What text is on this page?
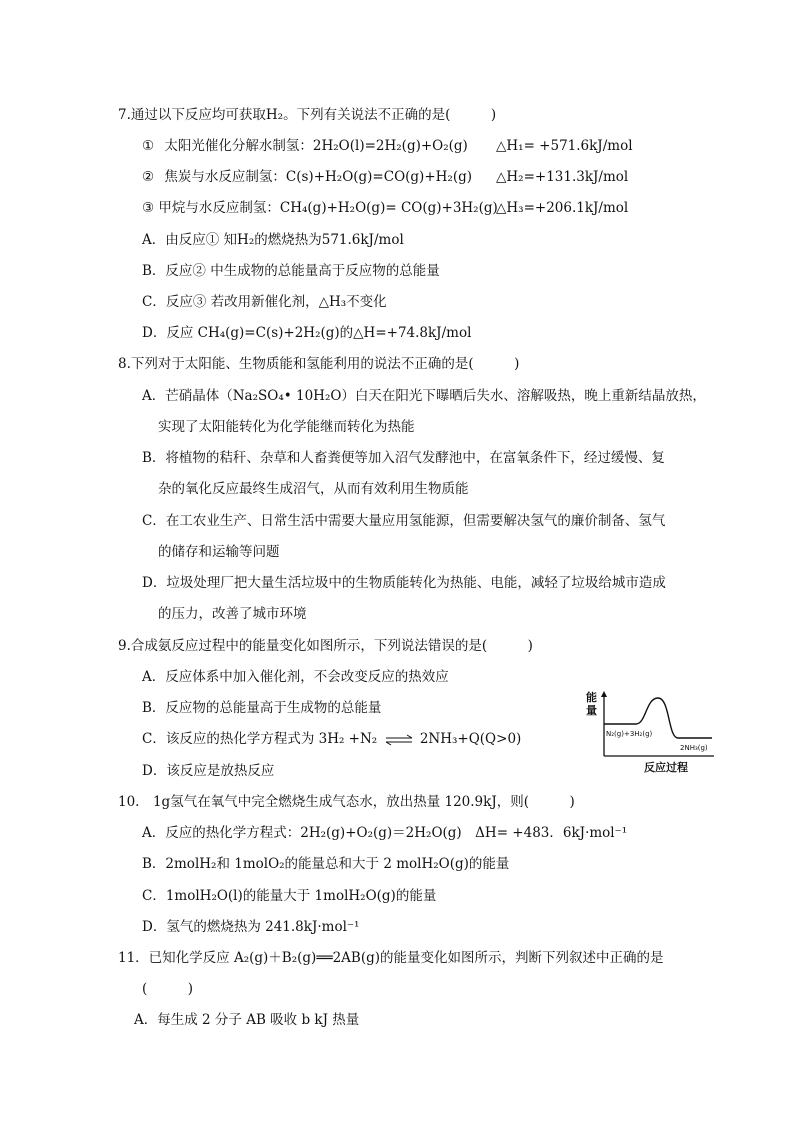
7.通过以下反应均可获取H₂。下列有关说法不正确的是(　　　)
① 太阳光催化分解水制氢：2H₂O(l)=2H₂(g)+O₂(g) △H₁= +571.6kJ/mol
② 焦炭与水反应制氢：C(s)+H₂O(g)=CO(g)+H₂(g) △H₂=+131.3kJ/mol
③ 甲烷与水反应制氢：CH₄(g)+H₂O(g)= CO(g)+3H₂(g)
△H₃=+206.1kJ/mol
A．由反应① 知H₂的燃烧热为571.6kJ/mol
B．反应② 中生成物的总能量高于反应物的总能量
C．反应③ 若改用新催化剂，△H₃不变化
D．反应 CH₄(g)=C(s)+2H₂(g)的△H=+74.8kJ/mol
8.下列对于太阳能、生物质能和氢能利用的说法不正确的是(　　　)
A．芒硝晶体（Na₂SO₄• 10H₂O）白天在阳光下曝晒后失水、溶解吸热，晚上重新结晶放热，
实现了太阳能转化为化学能继而转化为热能
B．将植物的秸秆、杂草和人畜粪便等加入沼气发酵池中，在富氧条件下，经过缓慢、复
杂的氧化反应最终生成沼气，从而有效利用生物质能
C．在工农业生产、日常生活中需要大量应用氢能源，但需要解决氢气的廉价制备、氢气
的储存和运输等问题
D．垃圾处理厂把大量生活垃圾中的生物质能转化为热能、电能，减轻了垃圾给城市造成
的压力，改善了城市环境
9.合成氨反应过程中的能量变化如图所示，下列说法错误的是(　　　)
A．反应体系中加入催化剂，不会改变反应的热效应
B．反应物的总能量高于生成物的总能量
C．该反应的热化学方程式为 3H₂ +N₂ ⇌ 2NH₃+Q(Q>0)
D．该反应是放热反应
能
量
N₂(g)+3H₂(g)
2NH₃(g)
反应过程
10.　1g氢气在氧气中完全燃烧生成气态水，放出热量 120.9kJ，则(　　　)
A．反应的热化学方程式：2H₂(g)+O₂(g)＝2H₂O(g)　ΔH= +483．6kJ·mol⁻¹
B．2molH₂和 1molO₂的能量总和大于 2 molH₂O(g)的能量
C．1molH₂O(l)的能量大于 1molH₂O(g)的能量
D．氢气的燃烧热为 241.8kJ·mol⁻¹
11．已知化学反应 A₂(g)＋B₂(g)══2AB(g)的能量变化如图所示，判断下列叙述中正确的是
(　　　)
A．每生成 2 分子 AB 吸收 b kJ 热量
